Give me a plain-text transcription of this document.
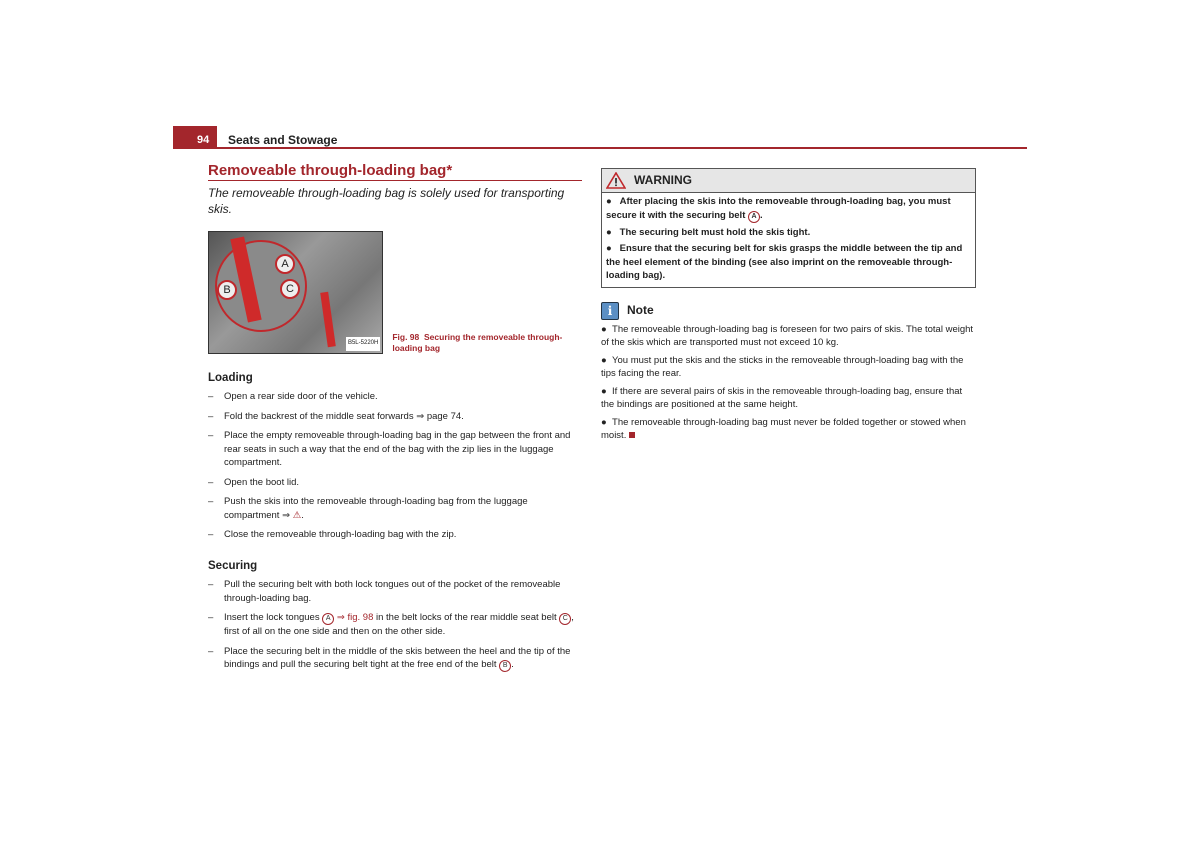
94 Seats and Stowage
Removeable through-loading bag*
The removeable through-loading bag is solely used for transporting skis.
A
B	C
B5L-5220H
Fig. 98 Securing the removeable through-loading bag
Loading
–	Open a rear side door of the vehicle.
–	Fold the backrest of the middle seat forwards ⇒ page 74.
–	Place the empty removeable through-loading bag in the gap between the front and rear seats in such a way that the end of the bag with the zip lies in the luggage compartment.
–	Open the boot lid.
–	Push the skis into the removeable through-loading bag from the luggage compartment ⇒ ⚠.
–	Close the removeable through-loading bag with the zip.
Securing
–	Pull the securing belt with both lock tongues out of the pocket of the removeable through-loading bag.
–	Insert the lock tongues A ⇒ fig. 98 in the belt locks of the rear middle seat belt C , first of all on the one side and then on the other side.
–	Place the securing belt in the middle of the skis between the heel and the tip of the bindings and pull the securing belt tight at the free end of the belt B .
WARNING

●   After placing the skis into the removeable through-loading bag, you must secure it with the securing belt A .

●   The securing belt must hold the skis tight.

●   Ensure that the securing belt for skis grasps the middle between the tip and the heel element of the binding (see also imprint on the removeable through-loading bag).

i	Note

●  The removeable through-loading bag is foreseen for two pairs of skis. The total weight of the skis which are transported must not exceed 10 kg.

●  You must put the skis and the sticks in the removeable through-loading bag with the tips facing the rear.

●  If there are several pairs of skis in the removeable through-loading bag, ensure that the bindings are positioned at the same height.

●  The removeable through-loading bag must never be folded together or stowed when moist.
